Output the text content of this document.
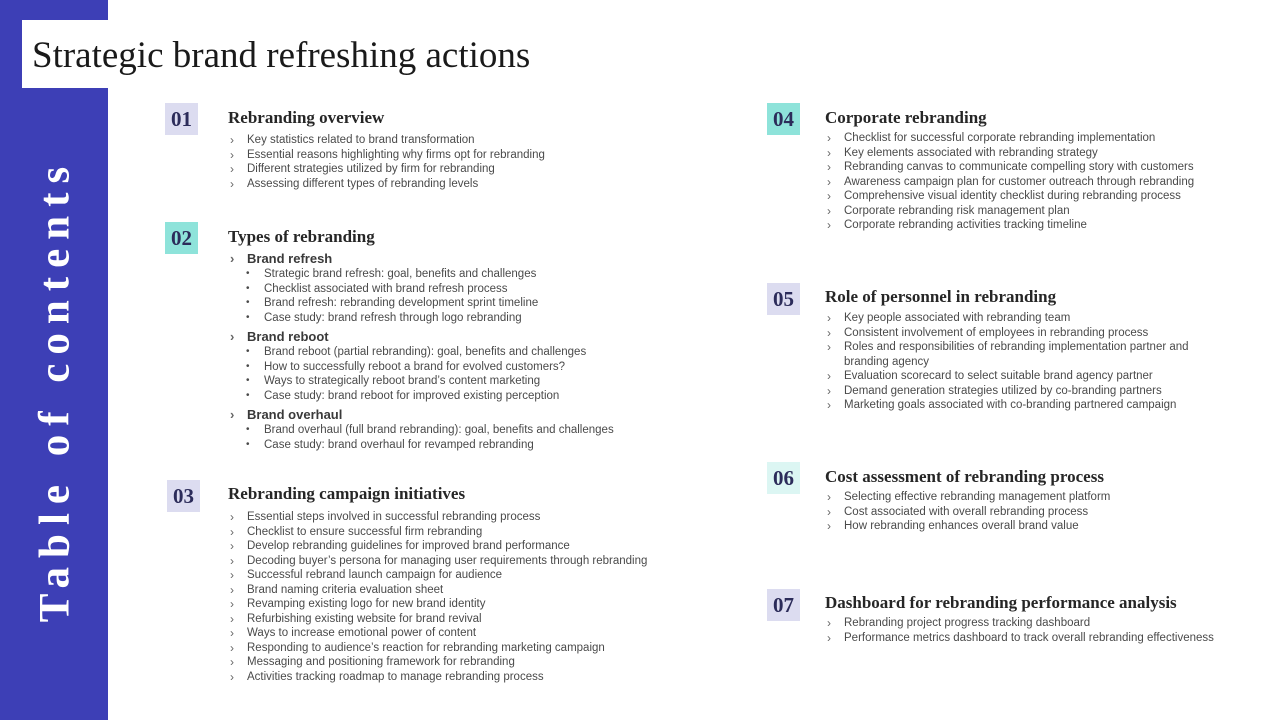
Strategic brand refreshing actions
Table of contents
01	Rebranding overview
› Key statistics related to brand transformation
› Essential reasons highlighting why firms opt for rebranding
› Different strategies utilized by firm for rebranding
› Assessing different types of rebranding levels
02	Types of rebranding
› Brand refresh
• Strategic brand refresh: goal, benefits and challenges
• Checklist associated with brand refresh process
• Brand refresh: rebranding development sprint timeline
• Case study: brand refresh through logo rebranding
› Brand reboot
• Brand reboot (partial rebranding): goal, benefits and challenges
• How to successfully reboot a brand for evolved customers?
• Ways to strategically reboot brand’s content marketing
• Case study: brand reboot for improved existing perception
› Brand overhaul
• Brand overhaul (full brand rebranding): goal, benefits and challenges
• Case study: brand overhaul for revamped rebranding
03	Rebranding campaign initiatives
› Essential steps involved in successful rebranding process
› Checklist to ensure successful firm rebranding
› Develop rebranding guidelines for improved brand performance
› Decoding buyer’s persona for managing user requirements through rebranding
› Successful rebrand launch campaign for audience
› Brand naming criteria evaluation sheet
› Revamping existing logo for new brand identity
› Refurbishing existing website for brand revival
› Ways to increase emotional power of content
› Responding to audience’s reaction for rebranding marketing campaign
› Messaging and positioning framework for rebranding
› Activities tracking roadmap to manage rebranding process
04	Corporate rebranding
› Checklist for successful corporate rebranding implementation
› Key elements associated with rebranding strategy
› Rebranding canvas to communicate compelling story with customers
› Awareness campaign plan for customer outreach through rebranding
› Comprehensive visual identity checklist during rebranding process
› Corporate rebranding risk management plan
› Corporate rebranding activities tracking timeline
05	Role of personnel in rebranding
› Key people associated with rebranding team
› Consistent involvement of employees in rebranding process
› Roles and responsibilities of rebranding implementation partner and branding agency
› Evaluation scorecard to select suitable brand agency partner
› Demand generation strategies utilized by co-branding partners
› Marketing goals associated with co-branding partnered campaign
06	Cost assessment of rebranding process
› Selecting effective rebranding management platform
› Cost associated with overall rebranding process
› How rebranding enhances overall brand value
07	Dashboard for rebranding performance analysis
› Rebranding project progress tracking dashboard
› Performance metrics dashboard to track overall rebranding effectiveness
